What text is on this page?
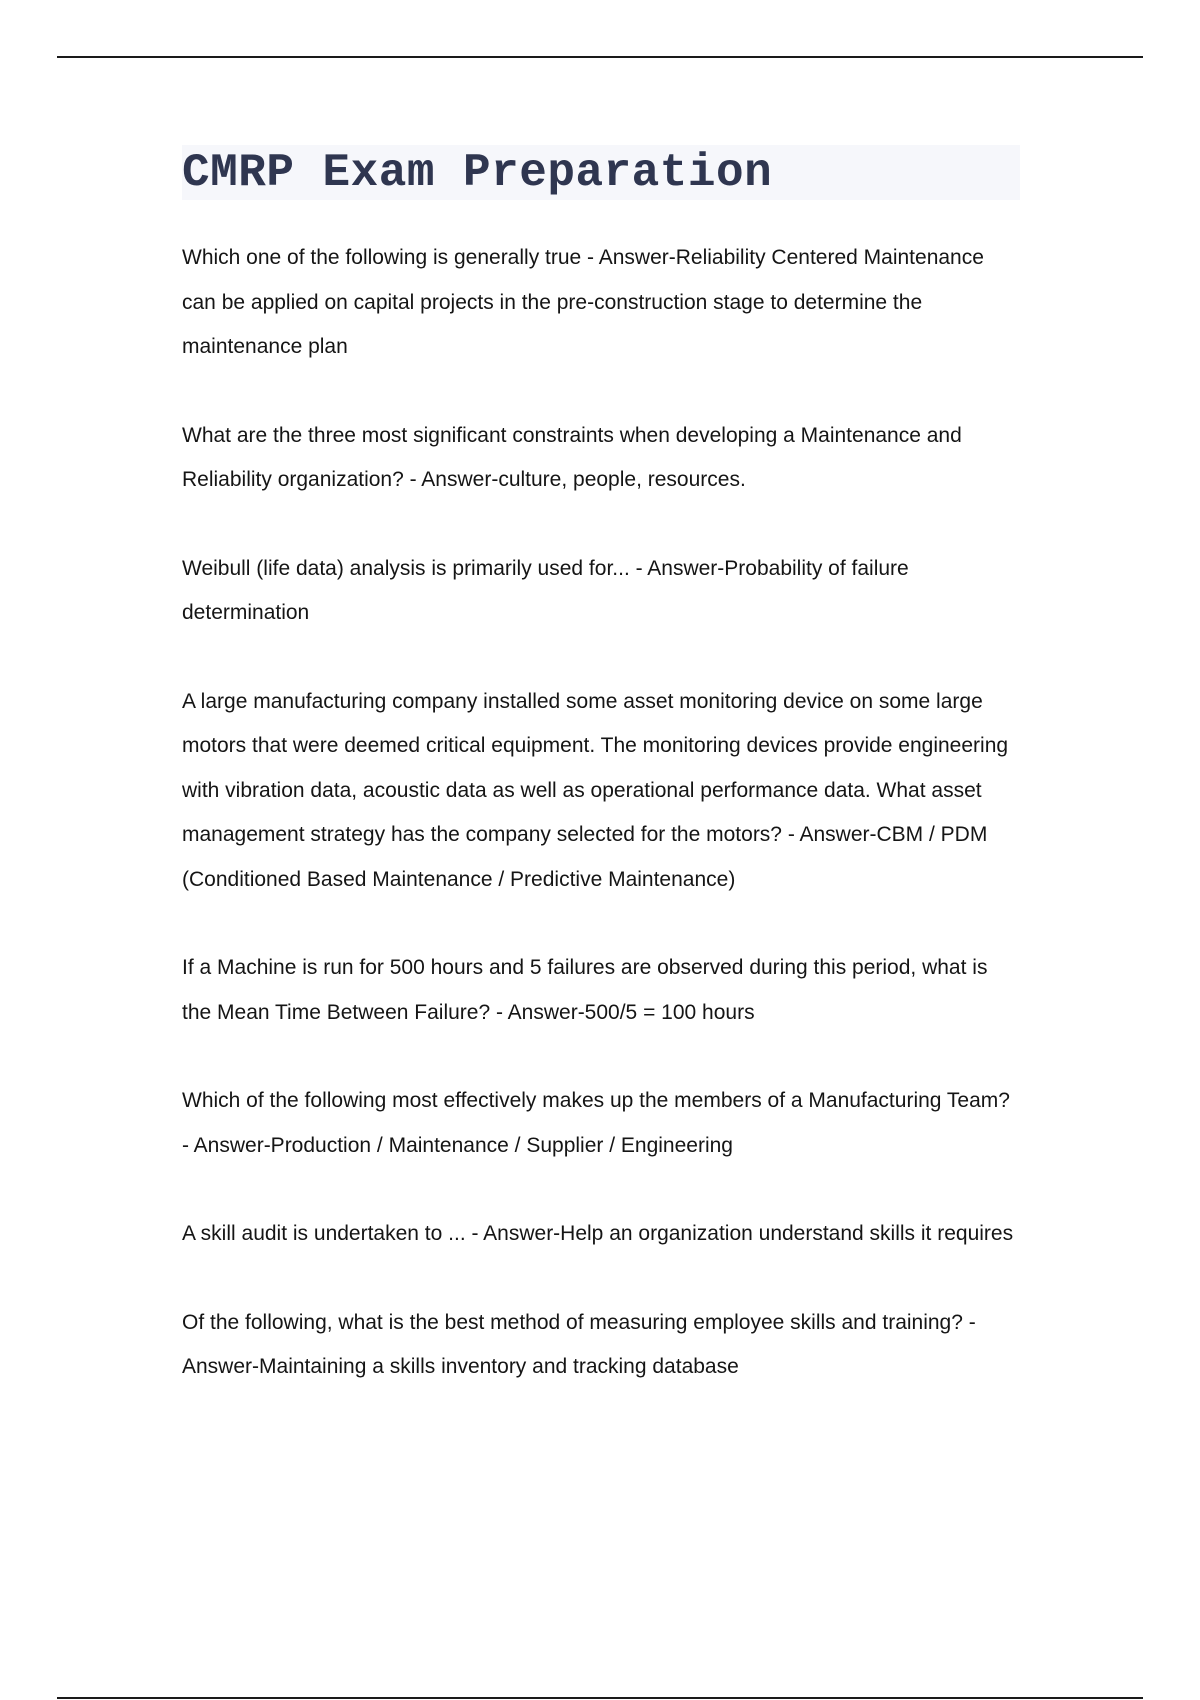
CMRP Exam Preparation
Which one of the following is generally true - Answer-Reliability Centered Maintenance can be applied on capital projects in the pre-construction stage to determine the maintenance plan
What are the three most significant constraints when developing a Maintenance and Reliability organization? - Answer-culture, people, resources.
Weibull (life data) analysis is primarily used for... - Answer-Probability of failure determination
A large manufacturing company installed some asset monitoring device on some large motors that were deemed critical equipment. The monitoring devices provide engineering with vibration data, acoustic data as well as operational performance data. What asset management strategy has the company selected for the motors? - Answer-CBM / PDM (Conditioned Based Maintenance / Predictive Maintenance)
If a Machine is run for 500 hours and 5 failures are observed during this period, what is the Mean Time Between Failure? - Answer-500/5 = 100 hours
Which of the following most effectively makes up the members of a Manufacturing Team? - Answer-Production / Maintenance / Supplier / Engineering
A skill audit is undertaken to ... - Answer-Help an organization understand skills it requires
Of the following, what is the best method of measuring employee skills and training? - Answer-Maintaining a skills inventory and tracking database
